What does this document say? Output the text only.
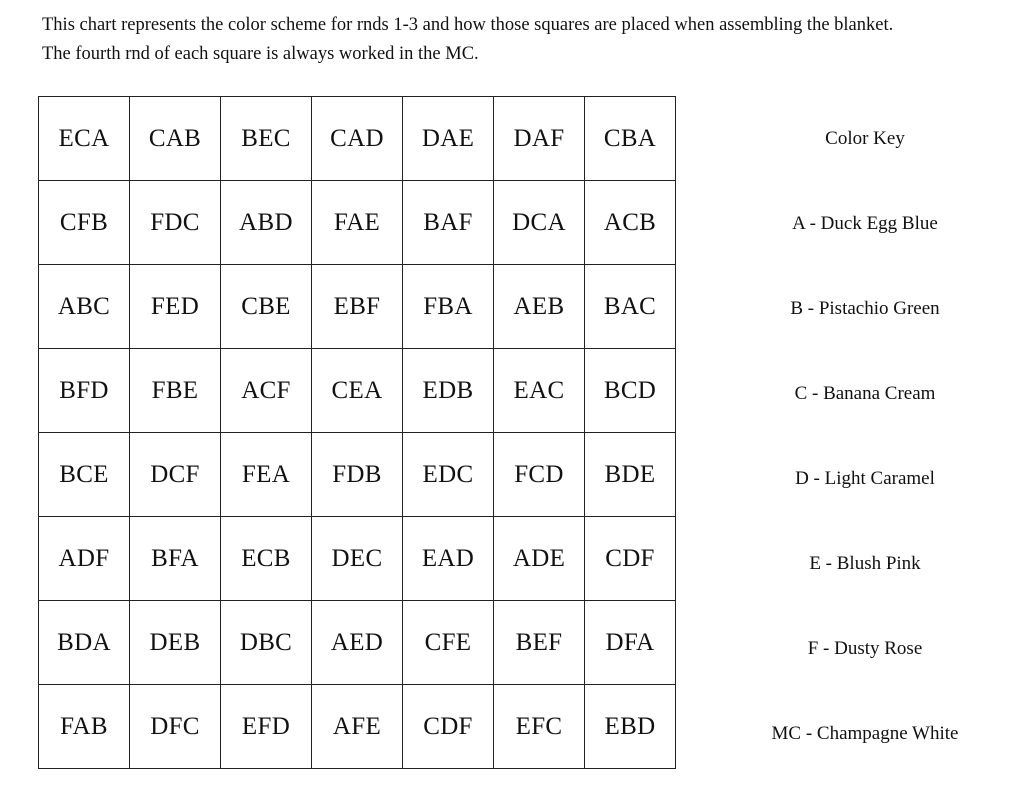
This chart represents the color scheme for rnds 1-3 and how those squares are placed when assembling the blanket.

The fourth rnd of each square is always worked in the MC.

ECA	CAB	BEC	CAD	DAE	DAF	CBA
CFB	FDC	ABD	FAE	BAF	DCA	ACB
ABC	FED	CBE	EBF	FBA	AEB	BAC
BFD	FBE	ACF	CEA	EDB	EAC	BCD
BCE	DCF	FEA	FDB	EDC	FCD	BDE
ADF	BFA	ECB	DEC	EAD	ADE	CDF
BDA	DEB	DBC	AED	CFE	BEF	DFA
FAB	DFC	EFD	AFE	CDF	EFC	EBD
Color Key
A - Duck Egg Blue
B - Pistachio Green
C - Banana Cream
D - Light Caramel
E - Blush Pink
F - Dusty Rose
MC - Champagne White
